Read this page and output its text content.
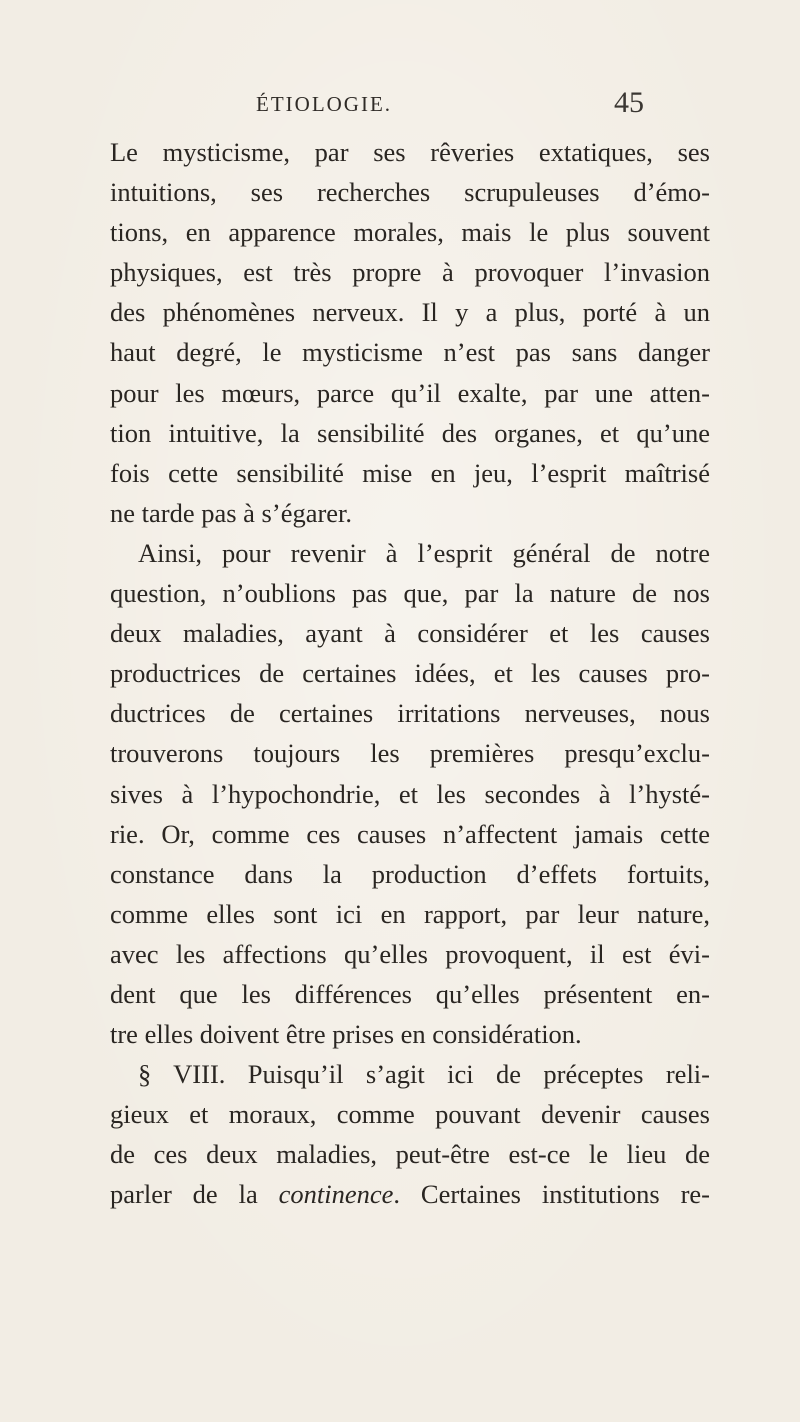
ÉTIOLOGIE.	45
Le mysticisme, par ses rêveries extatiques, ses
intuitions, ses recherches scrupuleuses d’émo-
tions, en apparence morales, mais le plus souvent
physiques, est très propre à provoquer l’invasion
des phénomènes nerveux. Il y a plus, porté à un
haut degré, le mysticisme n’est pas sans danger
pour les mœurs, parce qu’il exalte, par une atten-
tion intuitive, la sensibilité des organes, et qu’une
fois cette sensibilité mise en jeu, l’esprit maîtrisé
ne tarde pas à s’égarer.
Ainsi, pour revenir à l’esprit général de notre
question, n’oublions pas que, par la nature de nos
deux maladies, ayant à considérer et les causes
productrices de certaines idées, et les causes pro-
ductrices de certaines irritations nerveuses, nous
trouverons toujours les premières presqu’exclu-
sives à l’hypochondrie, et les secondes à l’hysté-
rie. Or, comme ces causes n’affectent jamais cette
constance dans la production d’effets fortuits,
comme elles sont ici en rapport, par leur nature,
avec les affections qu’elles provoquent, il est évi-
dent que les différences qu’elles présentent en-
tre elles doivent être prises en considération.
§ VIII. Puisqu’il s’agit ici de préceptes reli-
gieux et moraux, comme pouvant devenir causes
de ces deux maladies, peut-être est-ce le lieu de
parler de la continence. Certaines institutions re-
